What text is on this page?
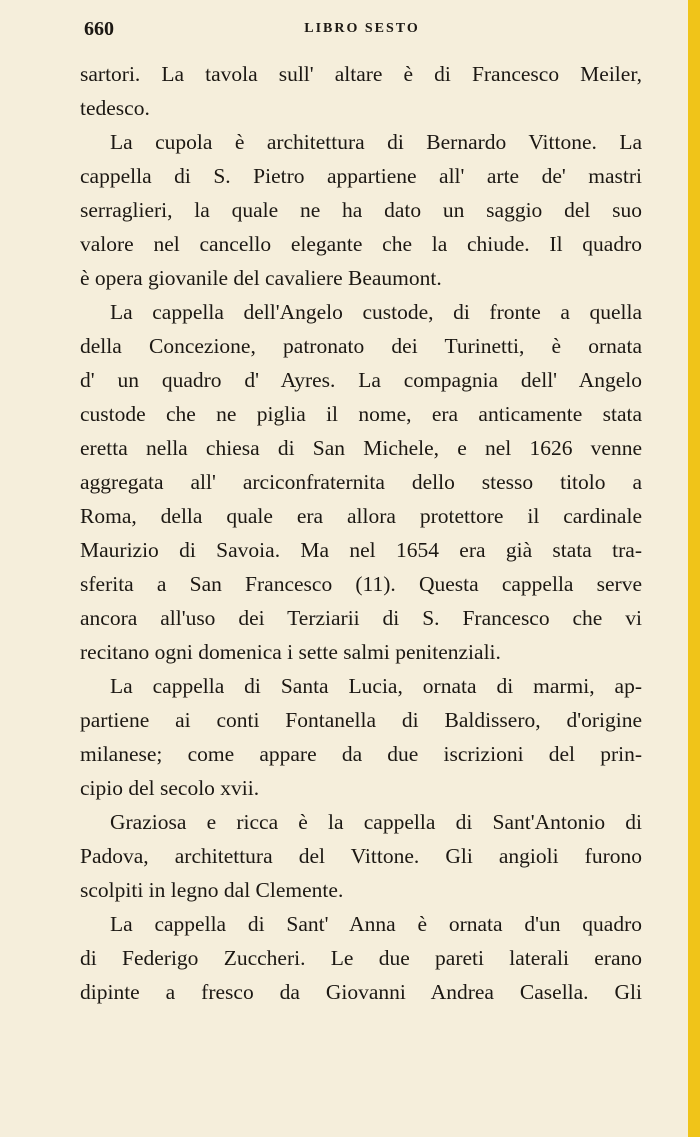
660	LIBRO SESTO
sartori. La tavola sull' altare è di Francesco Meiler,
tedesco.
La cupola è architettura di Bernardo Vittone. La
cappella di S. Pietro appartiene all' arte de' mastri
serraglieri, la quale ne ha dato un saggio del suo
valore nel cancello elegante che la chiude. Il quadro
è opera giovanile del cavaliere Beaumont.
La cappella dell'Angelo custode, di fronte a quella
della Concezione, patronato dei Turinetti, è ornata
d' un quadro d' Ayres. La compagnia dell' Angelo
custode che ne piglia il nome, era anticamente stata
eretta nella chiesa di San Michele, e nel 1626 venne
aggregata all' arciconfraternita dello stesso titolo a
Roma, della quale era allora protettore il cardinale
Maurizio di Savoia. Ma nel 1654 era già stata tra-
sferita a San Francesco (11). Questa cappella serve
ancora all'uso dei Terziarii di S. Francesco che vi
recitano ogni domenica i sette salmi penitenziali.
La cappella di Santa Lucia, ornata di marmi, ap-
partiene ai conti Fontanella di Baldissero, d'origine
milanese; come appare da due iscrizioni del prin-
cipio del secolo xvii.
Graziosa e ricca è la cappella di Sant'Antonio di
Padova, architettura del Vittone. Gli angioli furono
scolpiti in legno dal Clemente.
La cappella di Sant' Anna è ornata d'un quadro
di Federigo Zuccheri. Le due pareti laterali erano
dipinte a fresco da Giovanni Andrea Casella. Gli
